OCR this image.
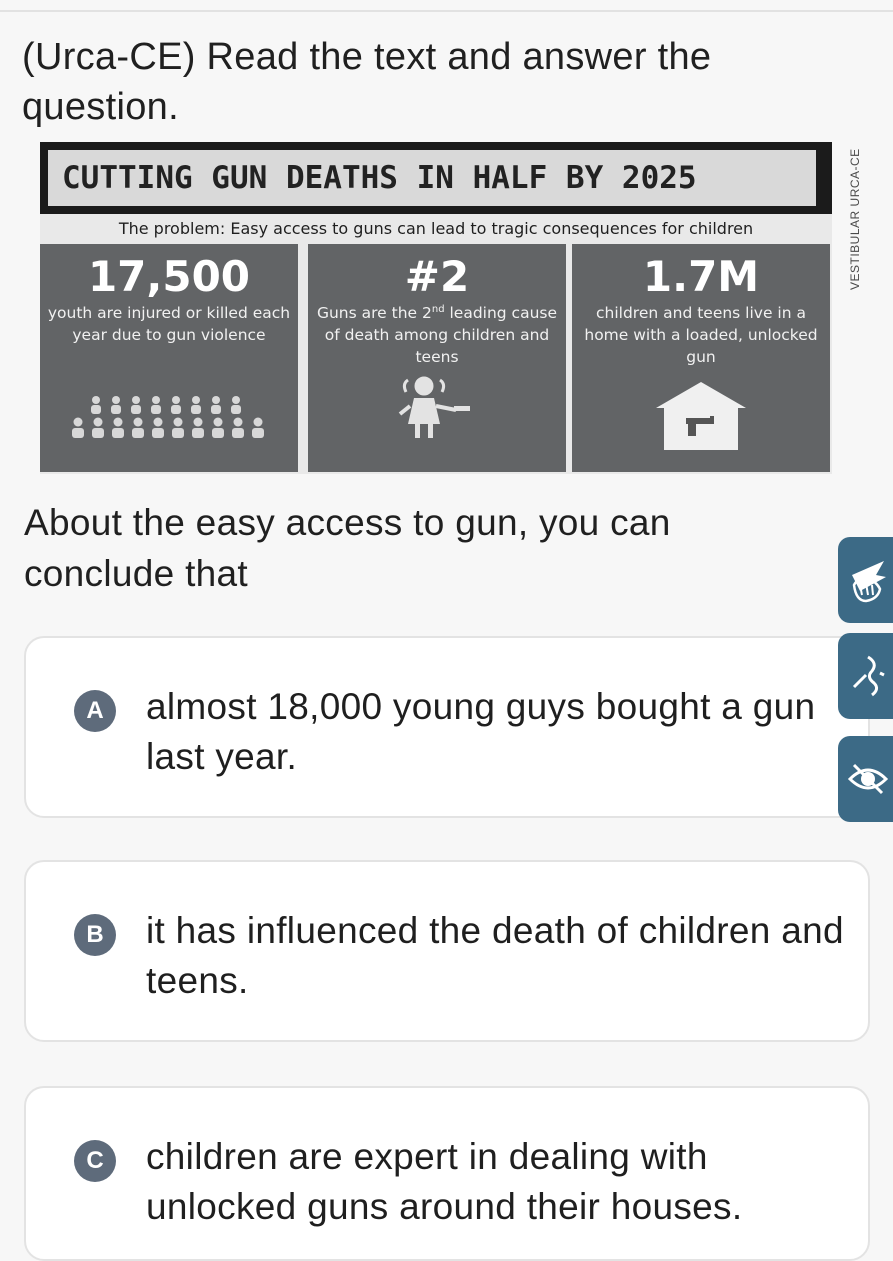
(Urca-CE) Read the text and answer the question.
CUTTING GUN DEATHS IN HALF BY 2025
The problem: Easy access to guns can lead to tragic consequences for children
17,500
youth are injured or killed each year due to gun violence
#2
Guns are the 2nd leading cause of death among children and teens
1.7M
children and teens live in a home with a loaded, unlocked gun
VESTIBULAR URCA-CE
About the easy access to gun, you can conclude that
A	almost 18,000 young guys bought a gun last year.
B	it has influenced the death of children and teens.
C	children are expert in dealing with unlocked guns around their houses.
